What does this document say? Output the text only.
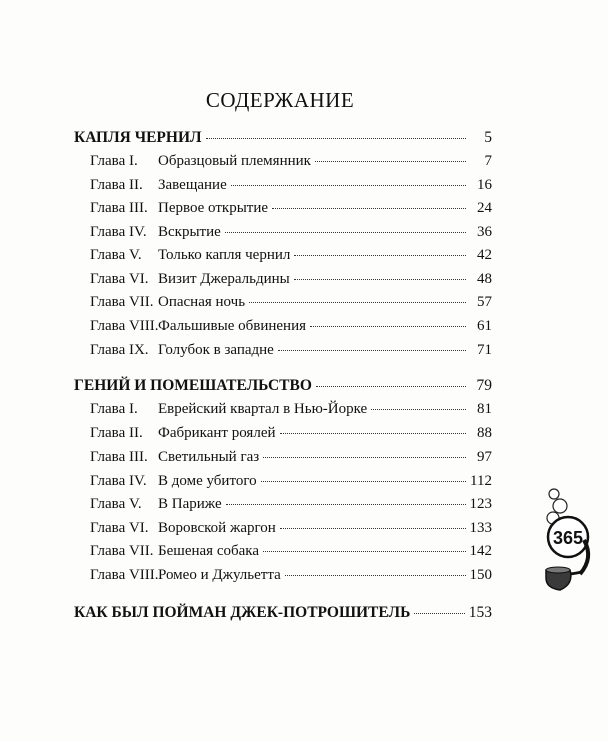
СОДЕРЖАНИЕ
КАПЛЯ ЧЕРНИЛ	5
Глава I.	Образцовый племянник	7
Глава II.	Завещание	16
Глава III. Первое открытие	24
Глава IV. Вскрытие	36
Глава V.	Только капля чернил	42
Глава VI. Визит Джеральдины	48
Глава VII. Опасная ночь	57
Глава VIII. Фальшивые обвинения	61
Глава IX. Голубок в западне	71
ГЕНИЙ И ПОМЕШАТЕЛЬСТВО	79
Глава I.	Еврейский квартал в Нью-Йорке	81
Глава II.	Фабрикант роялей	88
Глава III. Светильный газ	97
Глава IV. В доме убитого	112
Глава V.	В Париже	123
Глава VI. Воровской жаргон	133
Глава VII. Бешеная собака	142
Глава VIII. Ромео и Джульетта	150
КАК БЫЛ ПОЙМАН ДЖЕК-ПОТРОШИТЕЛЬ	153
365
